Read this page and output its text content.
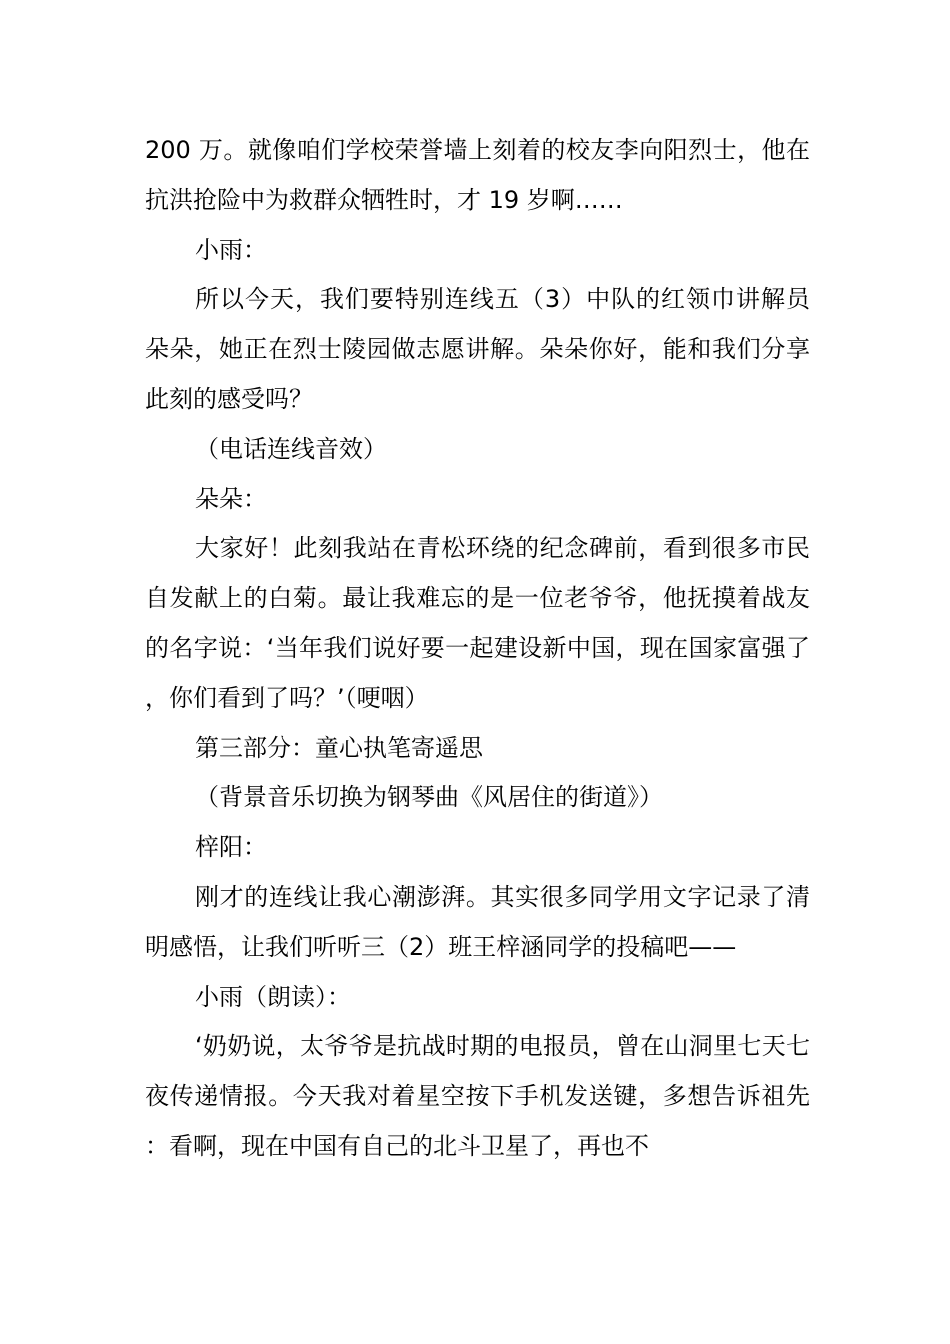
200 万。就像咱们学校荣誉墙上刻着的校友李向阳烈士，他在抗洪抢险中为救群众牺牲时，才 19 岁啊……

小雨：

所以今天，我们要特别连线五（3）中队的红领巾讲解员朵朵，她正在烈士陵园做志愿讲解。朵朵你好，能和我们分享此刻的感受吗？

（电话连线音效）

朵朵：

大家好！此刻我站在青松环绕的纪念碑前，看到很多市民自发献上的白菊。最让我难忘的是一位老爷爷，他抚摸着战友的名字说：‘当年我们说好要一起建设新中国，现在国家富强了，你们看到了吗？’（哽咽）

第三部分：童心执笔寄遥思

（背景音乐切换为钢琴曲《风居住的街道》）

梓阳：

刚才的连线让我心潮澎湃。其实很多同学用文字记录了清明感悟，让我们听听三（2）班王梓涵同学的投稿吧——

小雨（朗读）：

‘奶奶说，太爷爷是抗战时期的电报员，曾在山洞里七天七夜传递情报。今天我对着星空按下手机发送键，多想告诉祖先：看啊，现在中国有自己的北斗卫星了，再也不
